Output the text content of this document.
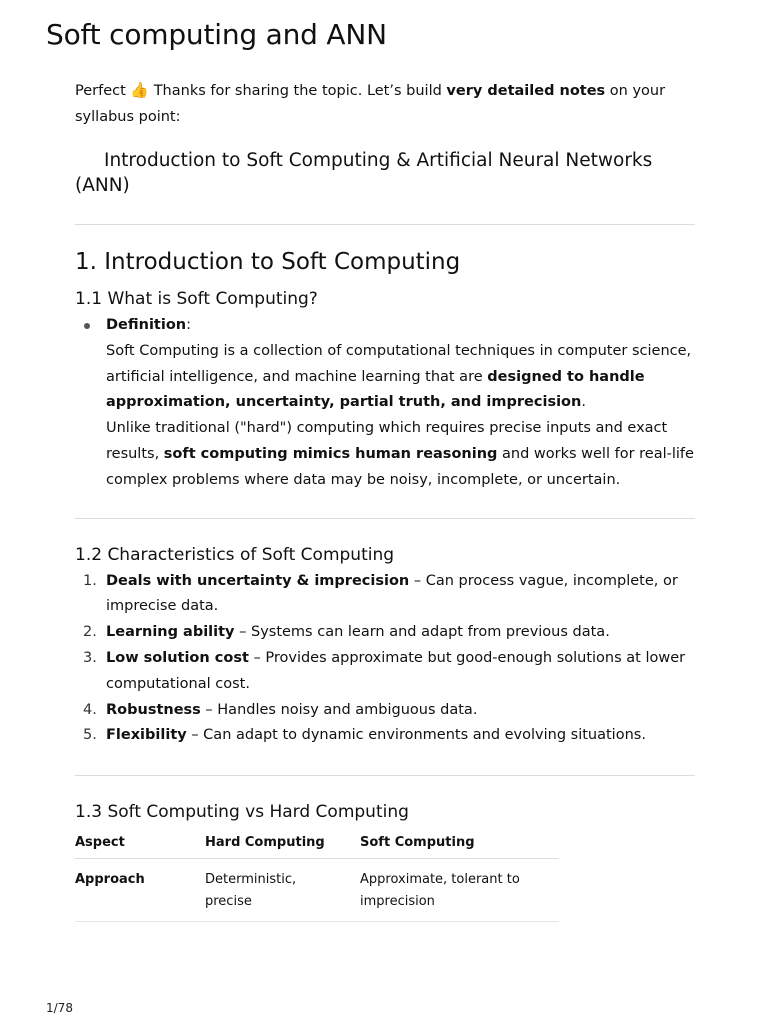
Soft computing and ANN

Perfect 👍 Thanks for sharing the topic. Let’s build very detailed notes on your syllabus point:

Introduction to Soft Computing & Artificial Neural Networks (ANN)
1. Introduction to Soft Computing
1.1 What is Soft Computing?
Definition:
Soft Computing is a collection of computational techniques in computer science, artificial intelligence, and machine learning that are designed to handle approximation, uncertainty, partial truth, and imprecision.
Unlike traditional ("hard") computing which requires precise inputs and exact results, soft computing mimics human reasoning and works well for real-life complex problems where data may be noisy, incomplete, or uncertain.
1.2 Characteristics of Soft Computing
1. Deals with uncertainty & imprecision – Can process vague, incomplete, or imprecise data.
2. Learning ability – Systems can learn and adapt from previous data.
3. Low solution cost – Provides approximate but good-enough solutions at lower computational cost.
4. Robustness – Handles noisy and ambiguous data.
5. Flexibility – Can adapt to dynamic environments and evolving situations.
1.3 Soft Computing vs Hard Computing
Aspect	Hard Computing	Soft Computing
Approach	Deterministic, precise	Approximate, tolerant to imprecision
1/78
